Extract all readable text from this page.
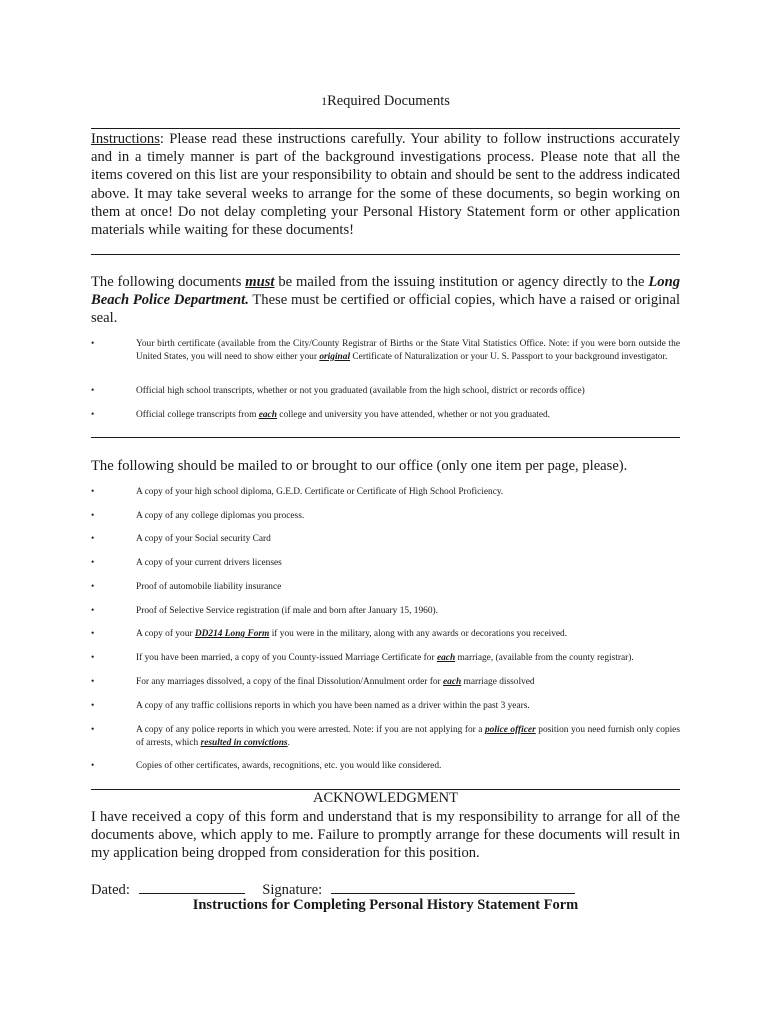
1Required Documents
Instructions: Please read these instructions carefully. Your ability to follow instructions accurately and in a timely manner is part of the background investigations process. Please note that all the items covered on this list are your responsibility to obtain and should be sent to the address indicated above. It may take several weeks to arrange for the some of these documents, so begin working on them at once! Do not delay completing your Personal History Statement form or other application materials while waiting for these documents!
The following documents must be mailed from the issuing institution or agency directly to the Long Beach Police Department. These must be certified or official copies, which have a raised or original seal.
•	Your birth certificate (available from the City/County Registrar of Births or the State Vital Statistics Office. Note: if you were born outside the United States, you will need to show either your original Certificate of Naturalization or your U. S. Passport to your background investigator.
•	Official high school transcripts, whether or not you graduated (available from the high school, district or records office)
•	Official college transcripts from each college and university you have attended, whether or not you graduated.
The following should be mailed to or brought to our office (only one item per page, please).
•	A copy of your high school diploma, G.E.D. Certificate or Certificate of High School Proficiency.
•	A copy of any college diplomas you process.
•	A copy of your Social security Card
•	A copy of your current drivers licenses
•	Proof of automobile liability insurance
•	Proof of Selective Service registration (if male and born after January 15, 1960).
•	A copy of your DD214 Long Form if you were in the military, along with any awards or decorations you received.
•	If you have been married, a copy of you County-issued Marriage Certificate for each marriage, (available from the county registrar).
•	For any marriages dissolved, a copy of the final Dissolution/Annulment order for each marriage dissolved
•	A copy of any traffic collisions reports in which you have been named as a driver within the past 3 years.
•	A copy of any police reports in which you were arrested. Note: if you are not applying for a police officer position you need furnish only copies of arrests, which resulted in convictions.
•	Copies of other certificates, awards, recognitions, etc. you would like considered.
ACKNOWLEDGMENT
I have received a copy of this form and understand that is my responsibility to arrange for all of the documents above, which apply to me. Failure to promptly arrange for these documents will result in my application being dropped from consideration for this position.
Dated:	Signature:
Instructions for Completing Personal History Statement Form
